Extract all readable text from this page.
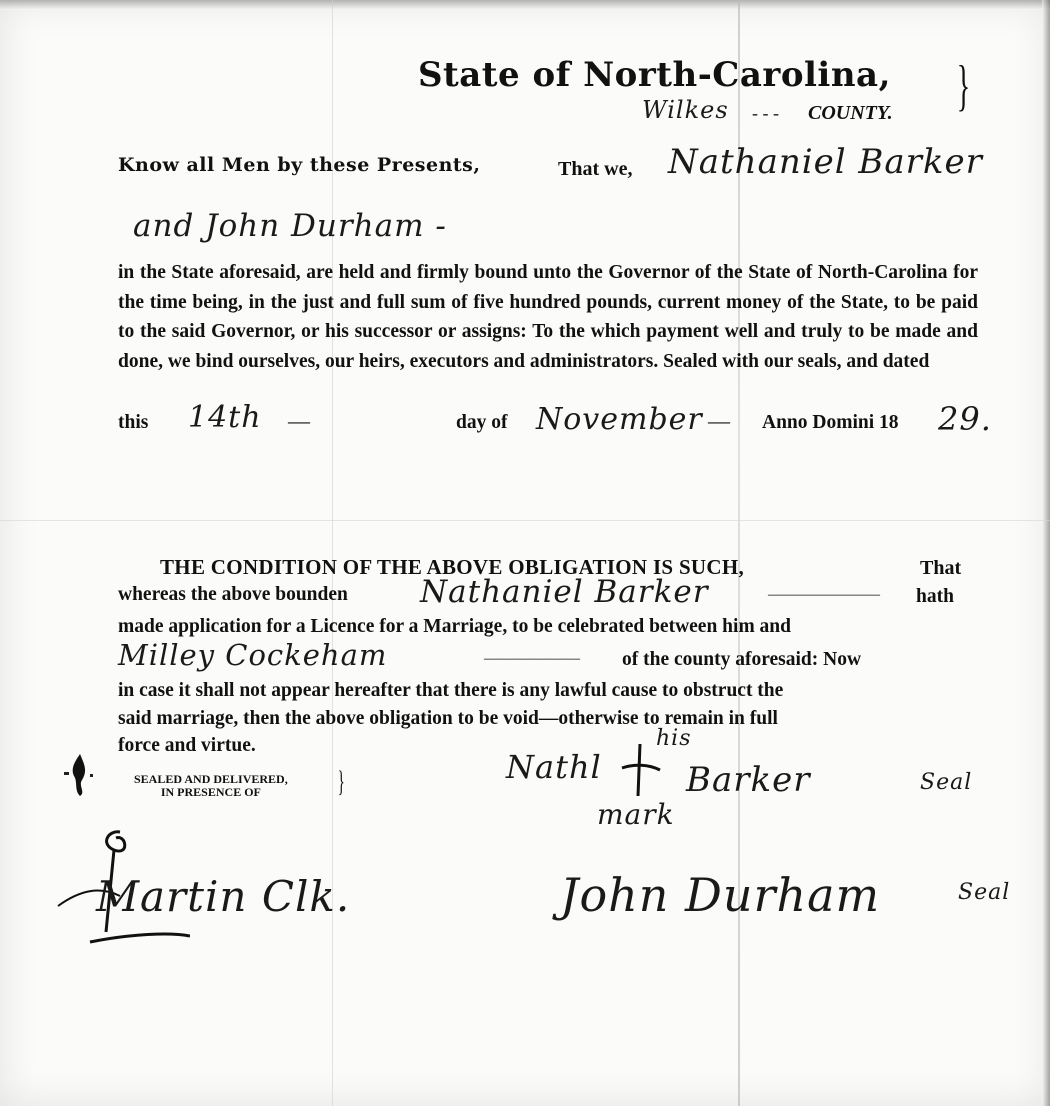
State of North-Carolina, }
Wilkes - - - COUNTY.
Know all Men by these Presents,	That we, Nathaniel Barker
and John Durham -
in the State aforesaid, are held and firmly bound unto the Governor of the State of North-Carolina for the time being, in the just and full sum of five hundred pounds, current money of the State, to be paid to the said Governor, or his successor or assigns: To the which payment well and truly to be made and done, we bind ourselves, our heirs, executors and administrators. Sealed with our seals, and dated
this 14th —	day of November — Anno Domini 18 29.
THE CONDITION OF THE ABOVE OBLIGATION IS SUCH,	That
whereas the above bounden Nathaniel Barker	——————— hath
made application for a Licence for a Marriage, to be celebrated between him and
Milley Cockeham	—————— of the county aforesaid: Now
in case it shall not appear hereafter that there is any lawful cause to obstruct the
said marriage, then the above obligation to be void—otherwise to remain in full
force and virtue.
SEALED AND DELIVERED,
IN PRESENCE OF	}	Nathl
his
Barker
mark
Seal
Martin Clk.	John Durham	Seal
